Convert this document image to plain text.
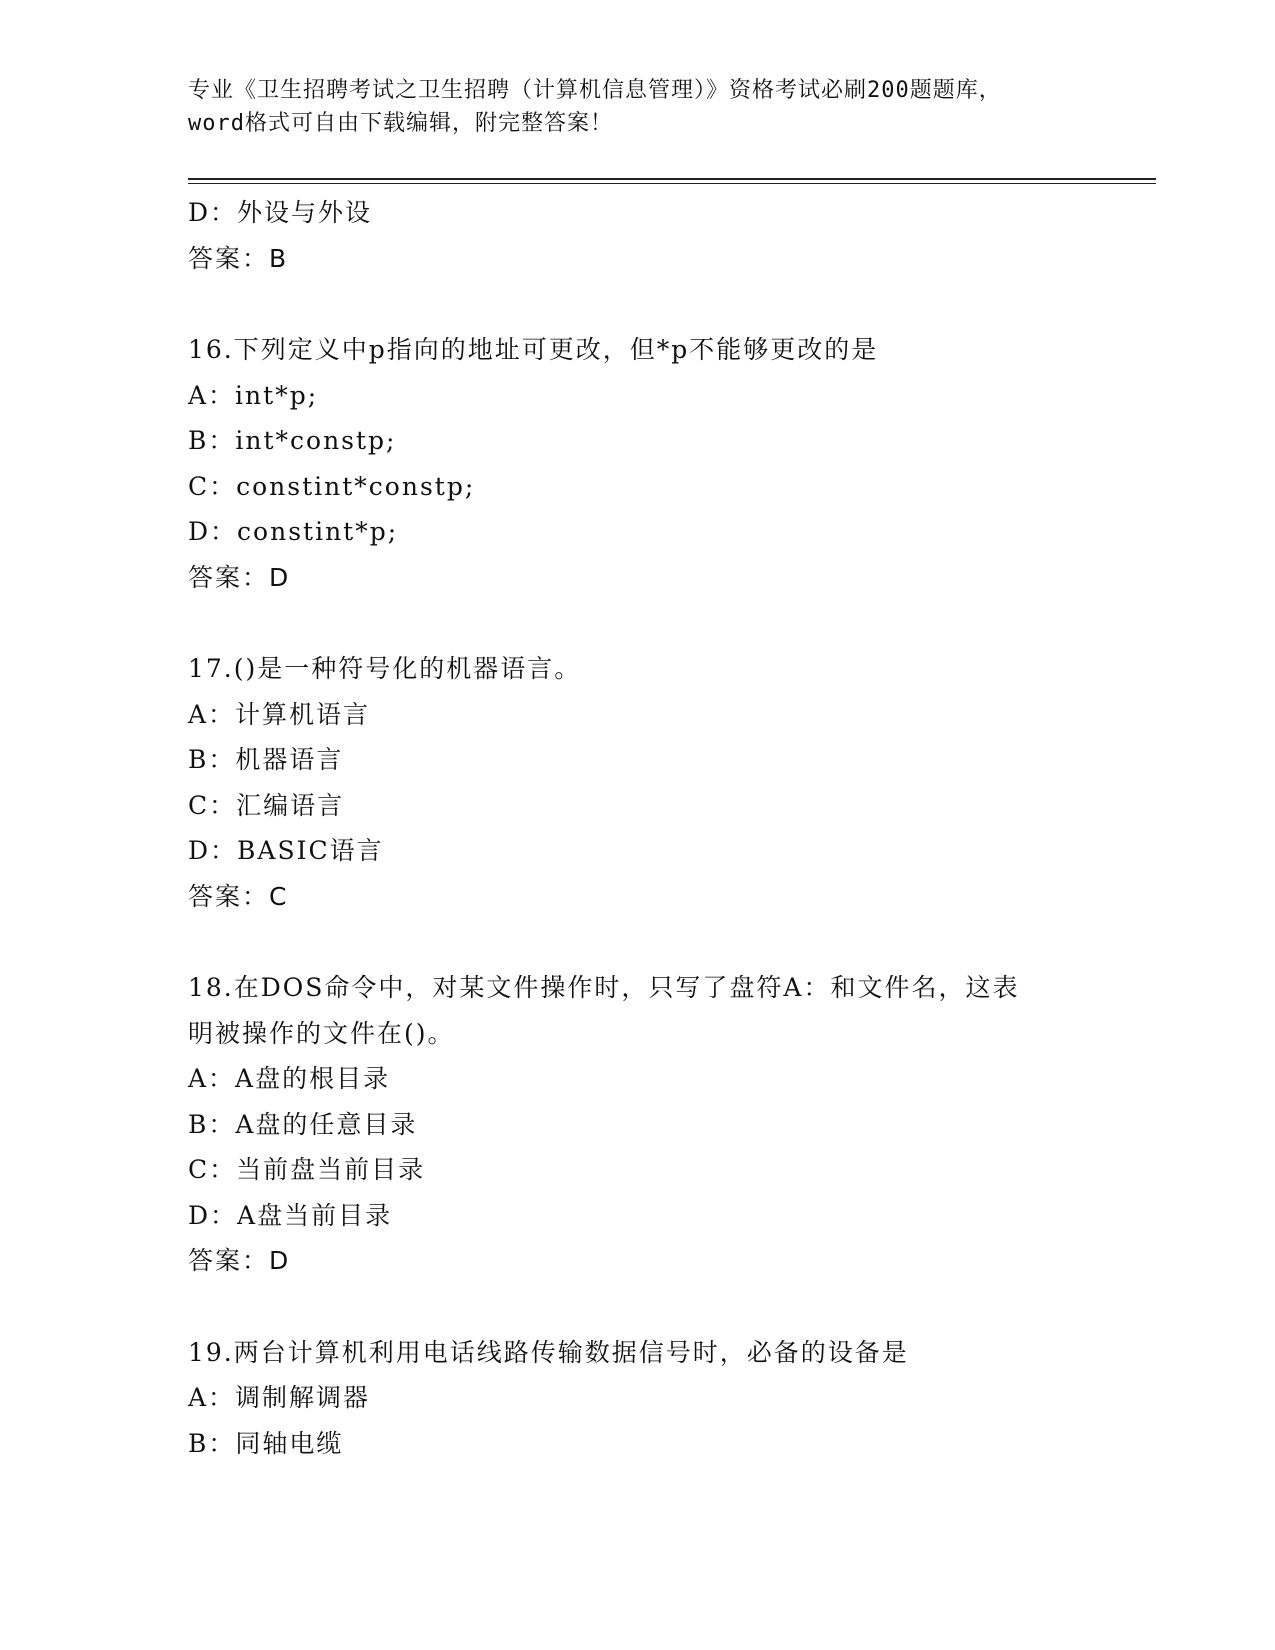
专业《卫生招聘考试之卫生招聘（计算机信息管理）》资格考试必刷200题题库，
word格式可自由下载编辑，附完整答案！
D：外设与外设
答案：B
16.下列定义中p指向的地址可更改，但*p不能够更改的是
A：int*p;
B：int*constp;
C：constint*constp;
D：constint*p;
答案：D
17.()是一种符号化的机器语言。
A：计算机语言
B：机器语言
C：汇编语言
D：BASIC语言
答案：C
18.在DOS命令中，对某文件操作时，只写了盘符A：和文件名，这表
明被操作的文件在()。
A：A盘的根目录
B：A盘的任意目录
C：当前盘当前目录
D：A盘当前目录
答案：D
19.两台计算机利用电话线路传输数据信号时，必备的设备是
A：调制解调器
B：同轴电缆
